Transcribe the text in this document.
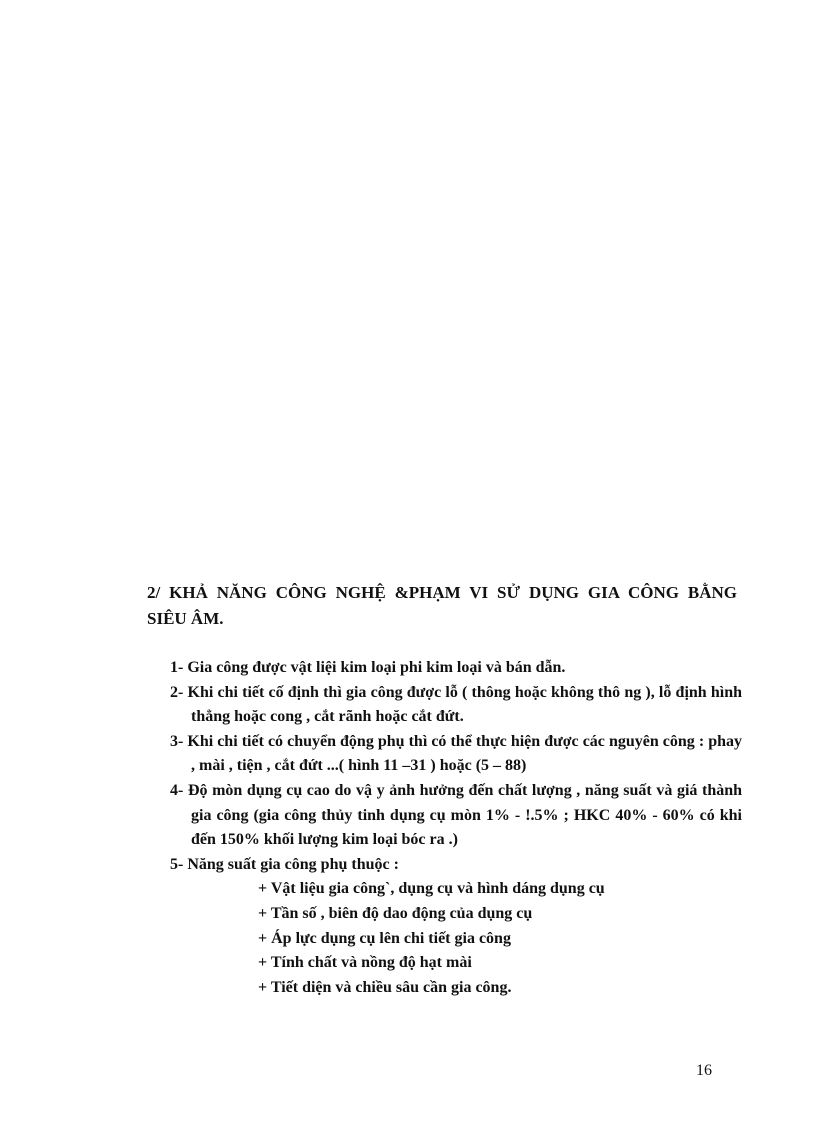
2/ KHẢ NĂNG CÔNG NGHỆ &PHẠM VI SỬ DỤNG GIA CÔNG BẰNG
SIÊU ÂM.
1- Gia công được vật liệi kim loại phi kim loại và bán dẫn.
2- Khi chi tiết cố định thì gia công được lỗ ( thông hoặc không thô ng ), lỗ định hình thẳng hoặc cong , cắt rãnh hoặc cắt đứt.
3- Khi chi tiết có chuyển động phụ thì có thể thực hiện được các nguyên công : phay , mài , tiện , cắt đứt ...( hình 11 –31 ) hoặc (5 – 88)
4- Độ mòn dụng cụ cao do vậ y ảnh hưởng đến chất lượng , năng suất và giá thành gia công (gia công thủy tinh dụng cụ mòn 1% - !.5% ; HKC 40% - 60% có khi đến 150% khối lượng kim loại bóc ra .)
5- Năng suất gia công phụ thuộc :
+ Vật liệu gia công`, dụng cụ và hình dáng dụng cụ
+ Tần số , biên độ dao động của dụng cụ
+ Áp lực dụng cụ lên chi tiết gia công
+ Tính chất và nồng độ hạt mài
+ Tiết diện và chiều sâu cần gia công.
16
